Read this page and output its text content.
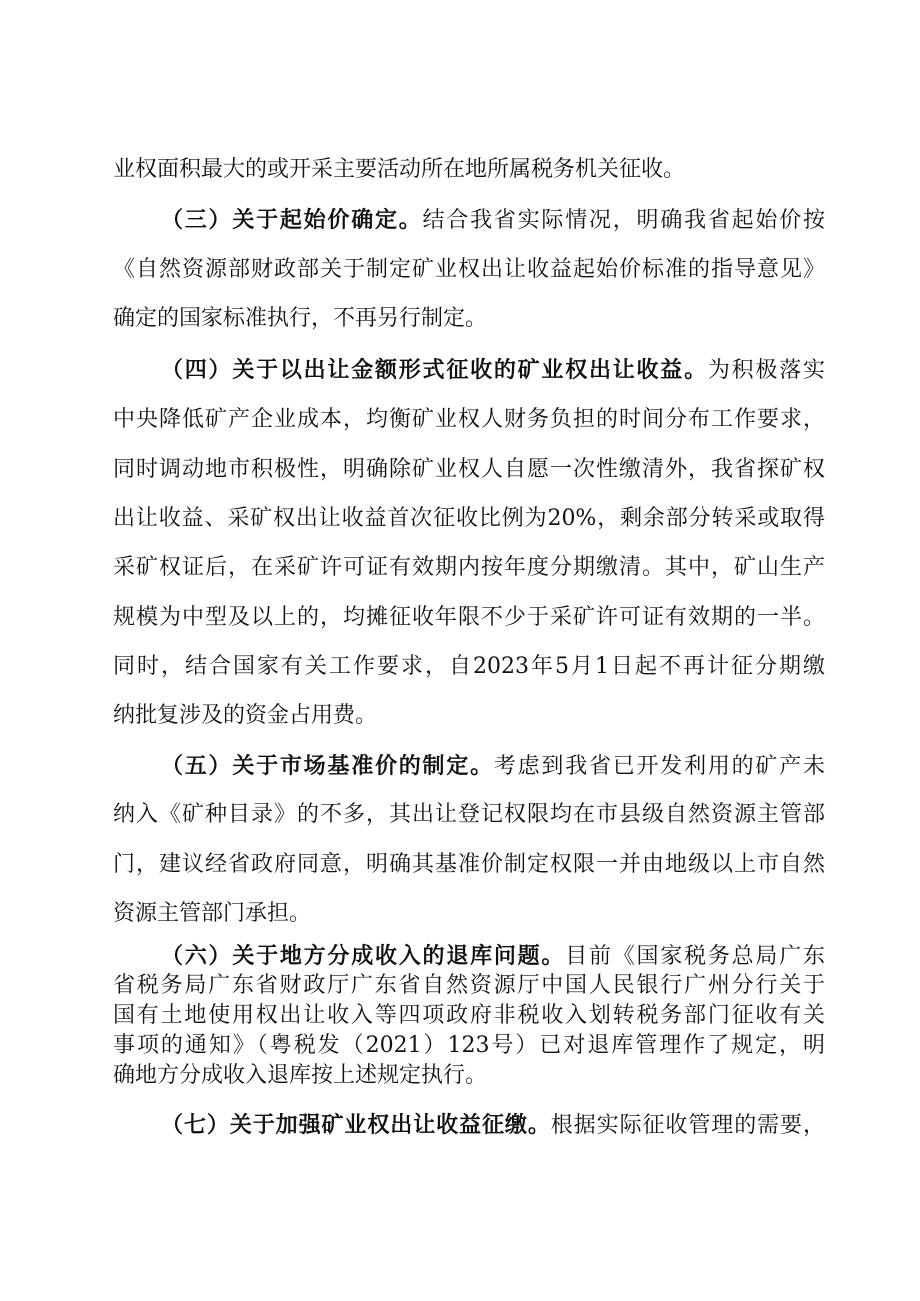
业权面积最大的或开采主要活动所在地所属税务机关征收。
（三）关于起始价确定。结合我省实际情况，明确我省起始价按
《自然资源部财政部关于制定矿业权出让收益起始价标准的指导意见》
确定的国家标准执行，不再另行制定。
（四）关于以出让金额形式征收的矿业权出让收益。为积极落实
中央降低矿产企业成本，均衡矿业权人财务负担的时间分布工作要求，
同时调动地市积极性，明确除矿业权人自愿一次性缴清外，我省探矿权
出让收益、采矿权出让收益首次征收比例为20%，剩余部分转采或取得
采矿权证后，在采矿许可证有效期内按年度分期缴清。其中，矿山生产
规模为中型及以上的，均摊征收年限不少于采矿许可证有效期的一半。
同时，结合国家有关工作要求，自2023年5月1日起不再计征分期缴
纳批复涉及的资金占用费。
（五）关于市场基准价的制定。考虑到我省已开发利用的矿产未
纳入《矿种目录》的不多，其出让登记权限均在市县级自然资源主管部
门，建议经省政府同意，明确其基准价制定权限一并由地级以上市自然
资源主管部门承担。
（六）关于地方分成收入的退库问题。目前《国家税务总局广东
省税务局广东省财政厅广东省自然资源厅中国人民银行广州分行关于
国有土地使用权出让收入等四项政府非税收入划转税务部门征收有关
事项的通知》（粤税发（2021）123号）已对退库管理作了规定，明
确地方分成收入退库按上述规定执行。
（七）关于加强矿业权出让收益征缴。根据实际征收管理的需要，
